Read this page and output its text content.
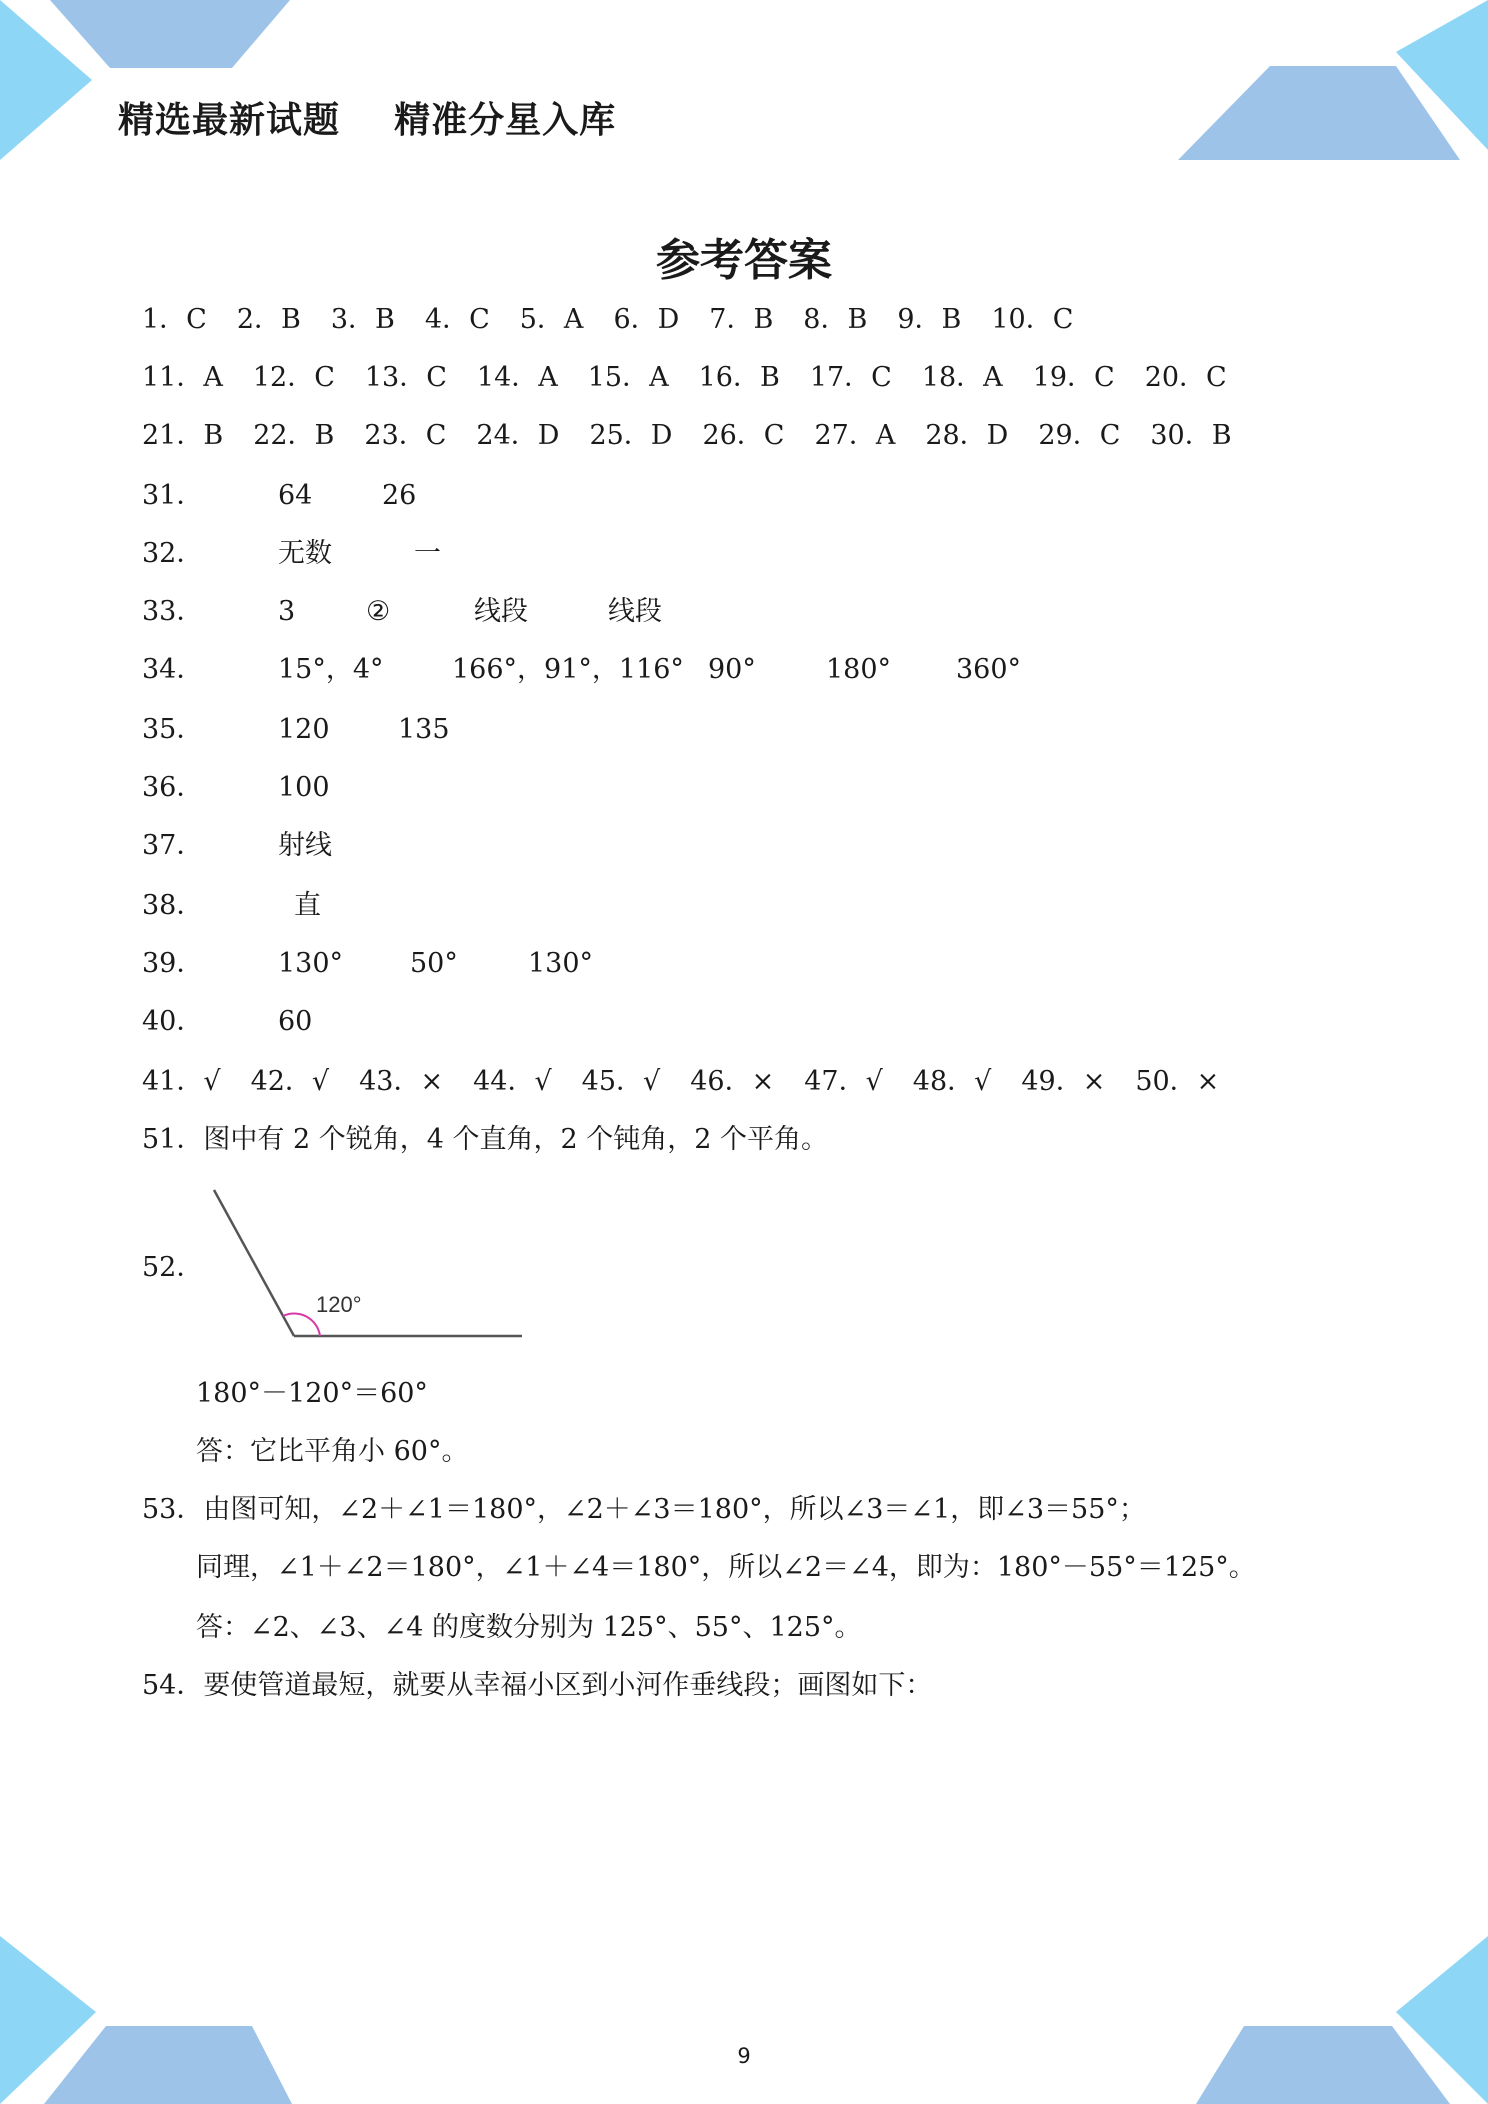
精选最新试题    精准分星入库
参考答案
1．C 2．B 3．B 4．C 5．A 6．D 7．B 8．B 9．B 10．C
11．A 12．C 13．C 14．A 15．A 16．B 17．C 18．A 19．C 20．C
21．B 22．B 23．C 24．D 25．D 26．C 27．A 28．D 29．C 30．B
31．	64	26
32．	无数	一
33．	3	②	线段	线段
34．	15°，4°	166°，91°，116° 90°	180° 360°
35．	120	135
36．	100
37．	射线
38．	直
39．	130° 50°	130°
40．	60
41．√ 42．√ 43．× 44．√ 45．√ 46．× 47．√ 48．√ 49．× 50．×
51．图中有 2 个锐角，4 个直角，2 个钝角，2 个平角。
52．
120°
180°－120°＝60°
答：它比平角小 60°。
53．由图可知，∠2＋∠1＝180°，∠2＋∠3＝180°，所以∠3＝∠1，即∠3＝55°；
同理，∠1＋∠2＝180°，∠1＋∠4＝180°，所以∠2＝∠4，即为：180°－55°＝125°。
答：∠2、∠3、∠4 的度数分别为 125°、55°、125°。
54．要使管道最短，就要从幸福小区到小河作垂线段；画图如下：
9
